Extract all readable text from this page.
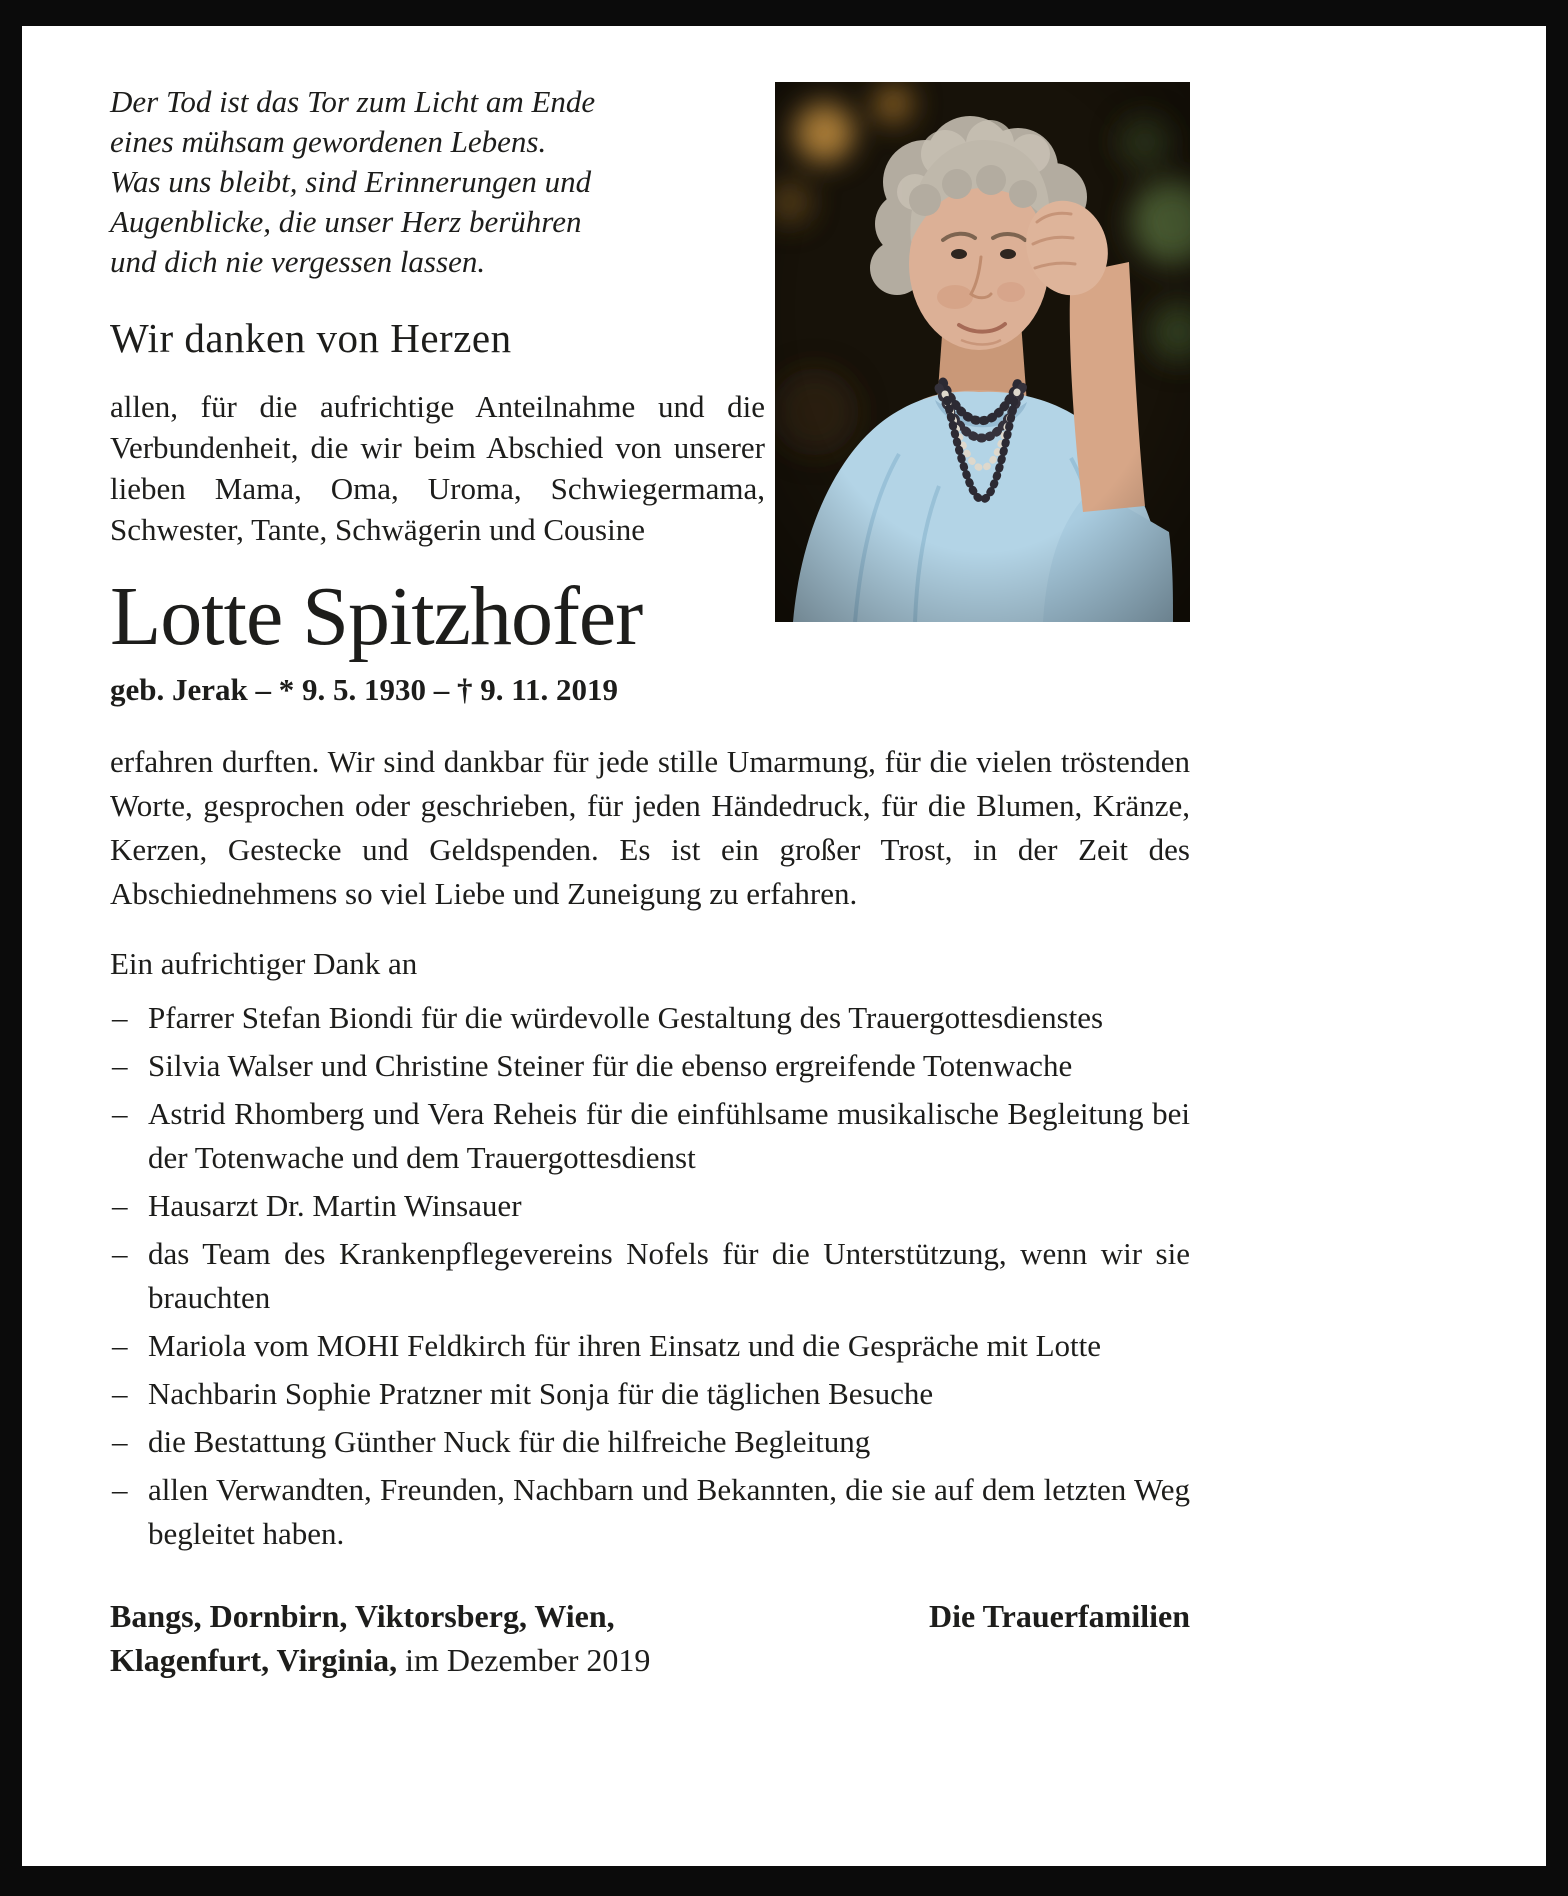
Der Tod ist das Tor zum Licht am Ende
eines mühsam gewordenen Lebens.
Was uns bleibt, sind Erinnerungen und
Augenblicke, die unser Herz berühren
und dich nie vergessen lassen.
Wir danken von Herzen

allen, für die aufrichtige Anteilnahme und die Verbundenheit, die wir beim Abschied von unserer lieben Mama, Oma, Uroma, Schwiegermama, Schwester, Tante, Schwägerin und Cousine

Lotte Spitzhofer
geb. Jerak – * 9. 5. 1930 – † 9. 11. 2019

erfahren durften. Wir sind dankbar für jede stille Umarmung, für die vielen tröstenden Worte, gesprochen oder geschrieben, für jeden Händedruck, für die Blumen, Kränze, Kerzen, Gestecke und Geldspenden. Es ist ein großer Trost, in der Zeit des Abschiednehmens so viel Liebe und Zuneigung zu erfahren.

Ein aufrichtiger Dank an

– Pfarrer Stefan Biondi für die würdevolle Gestaltung des Trauergottesdienstes
– Silvia Walser und Christine Steiner für die ebenso ergreifende Totenwache
– Astrid Rhomberg und Vera Reheis für die einfühlsame musikalische Begleitung bei der Totenwache und dem Trauergottesdienst
– Hausarzt Dr. Martin Winsauer
– das Team des Krankenpflegevereins Nofels für die Unterstützung, wenn wir sie brauchten
– Mariola vom MOHI Feldkirch für ihren Einsatz und die Gespräche mit Lotte
– Nachbarin Sophie Pratzner mit Sonja für die täglichen Besuche
– die Bestattung Günther Nuck für die hilfreiche Begleitung
– allen Verwandten, Freunden, Nachbarn und Bekannten, die sie auf dem letzten Weg begleitet haben.
Bangs, Dornbirn, Viktorsberg, Wien,
Klagenfurt, Virginia, im Dezember 2019
Die Trauerfamilien
